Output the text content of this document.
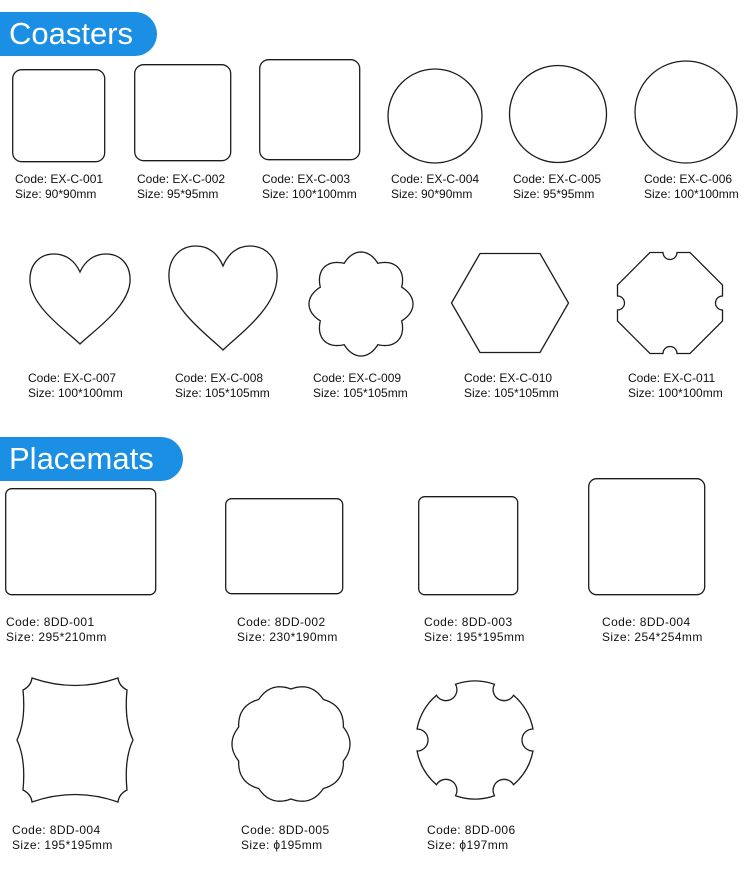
Coasters
Placemats
Code: EX-C-001
Size: 90*90mm
Code: EX-C-002
Size: 95*95mm
Code: EX-C-003
Size: 100*100mm
Code: EX-C-004
Size: 90*90mm
Code: EX-C-005
Size: 95*95mm
Code: EX-C-006
Size: 100*100mm
Code: EX-C-007
Size: 100*100mm
Code: EX-C-008
Size: 105*105mm
Code: EX-C-009
Size: 105*105mm
Code: EX-C-010
Size: 105*105mm
Code: EX-C-011
Size: 100*100mm
Code: 8DD-001
Size: 295*210mm
Code: 8DD-002
Size: 230*190mm
Code: 8DD-003
Size: 195*195mm
Code: 8DD-004
Size: 254*254mm
Code: 8DD-004
Size: 195*195mm
Code: 8DD-005
Size: ϕ195mm
Code: 8DD-006
Size: ϕ197mm
